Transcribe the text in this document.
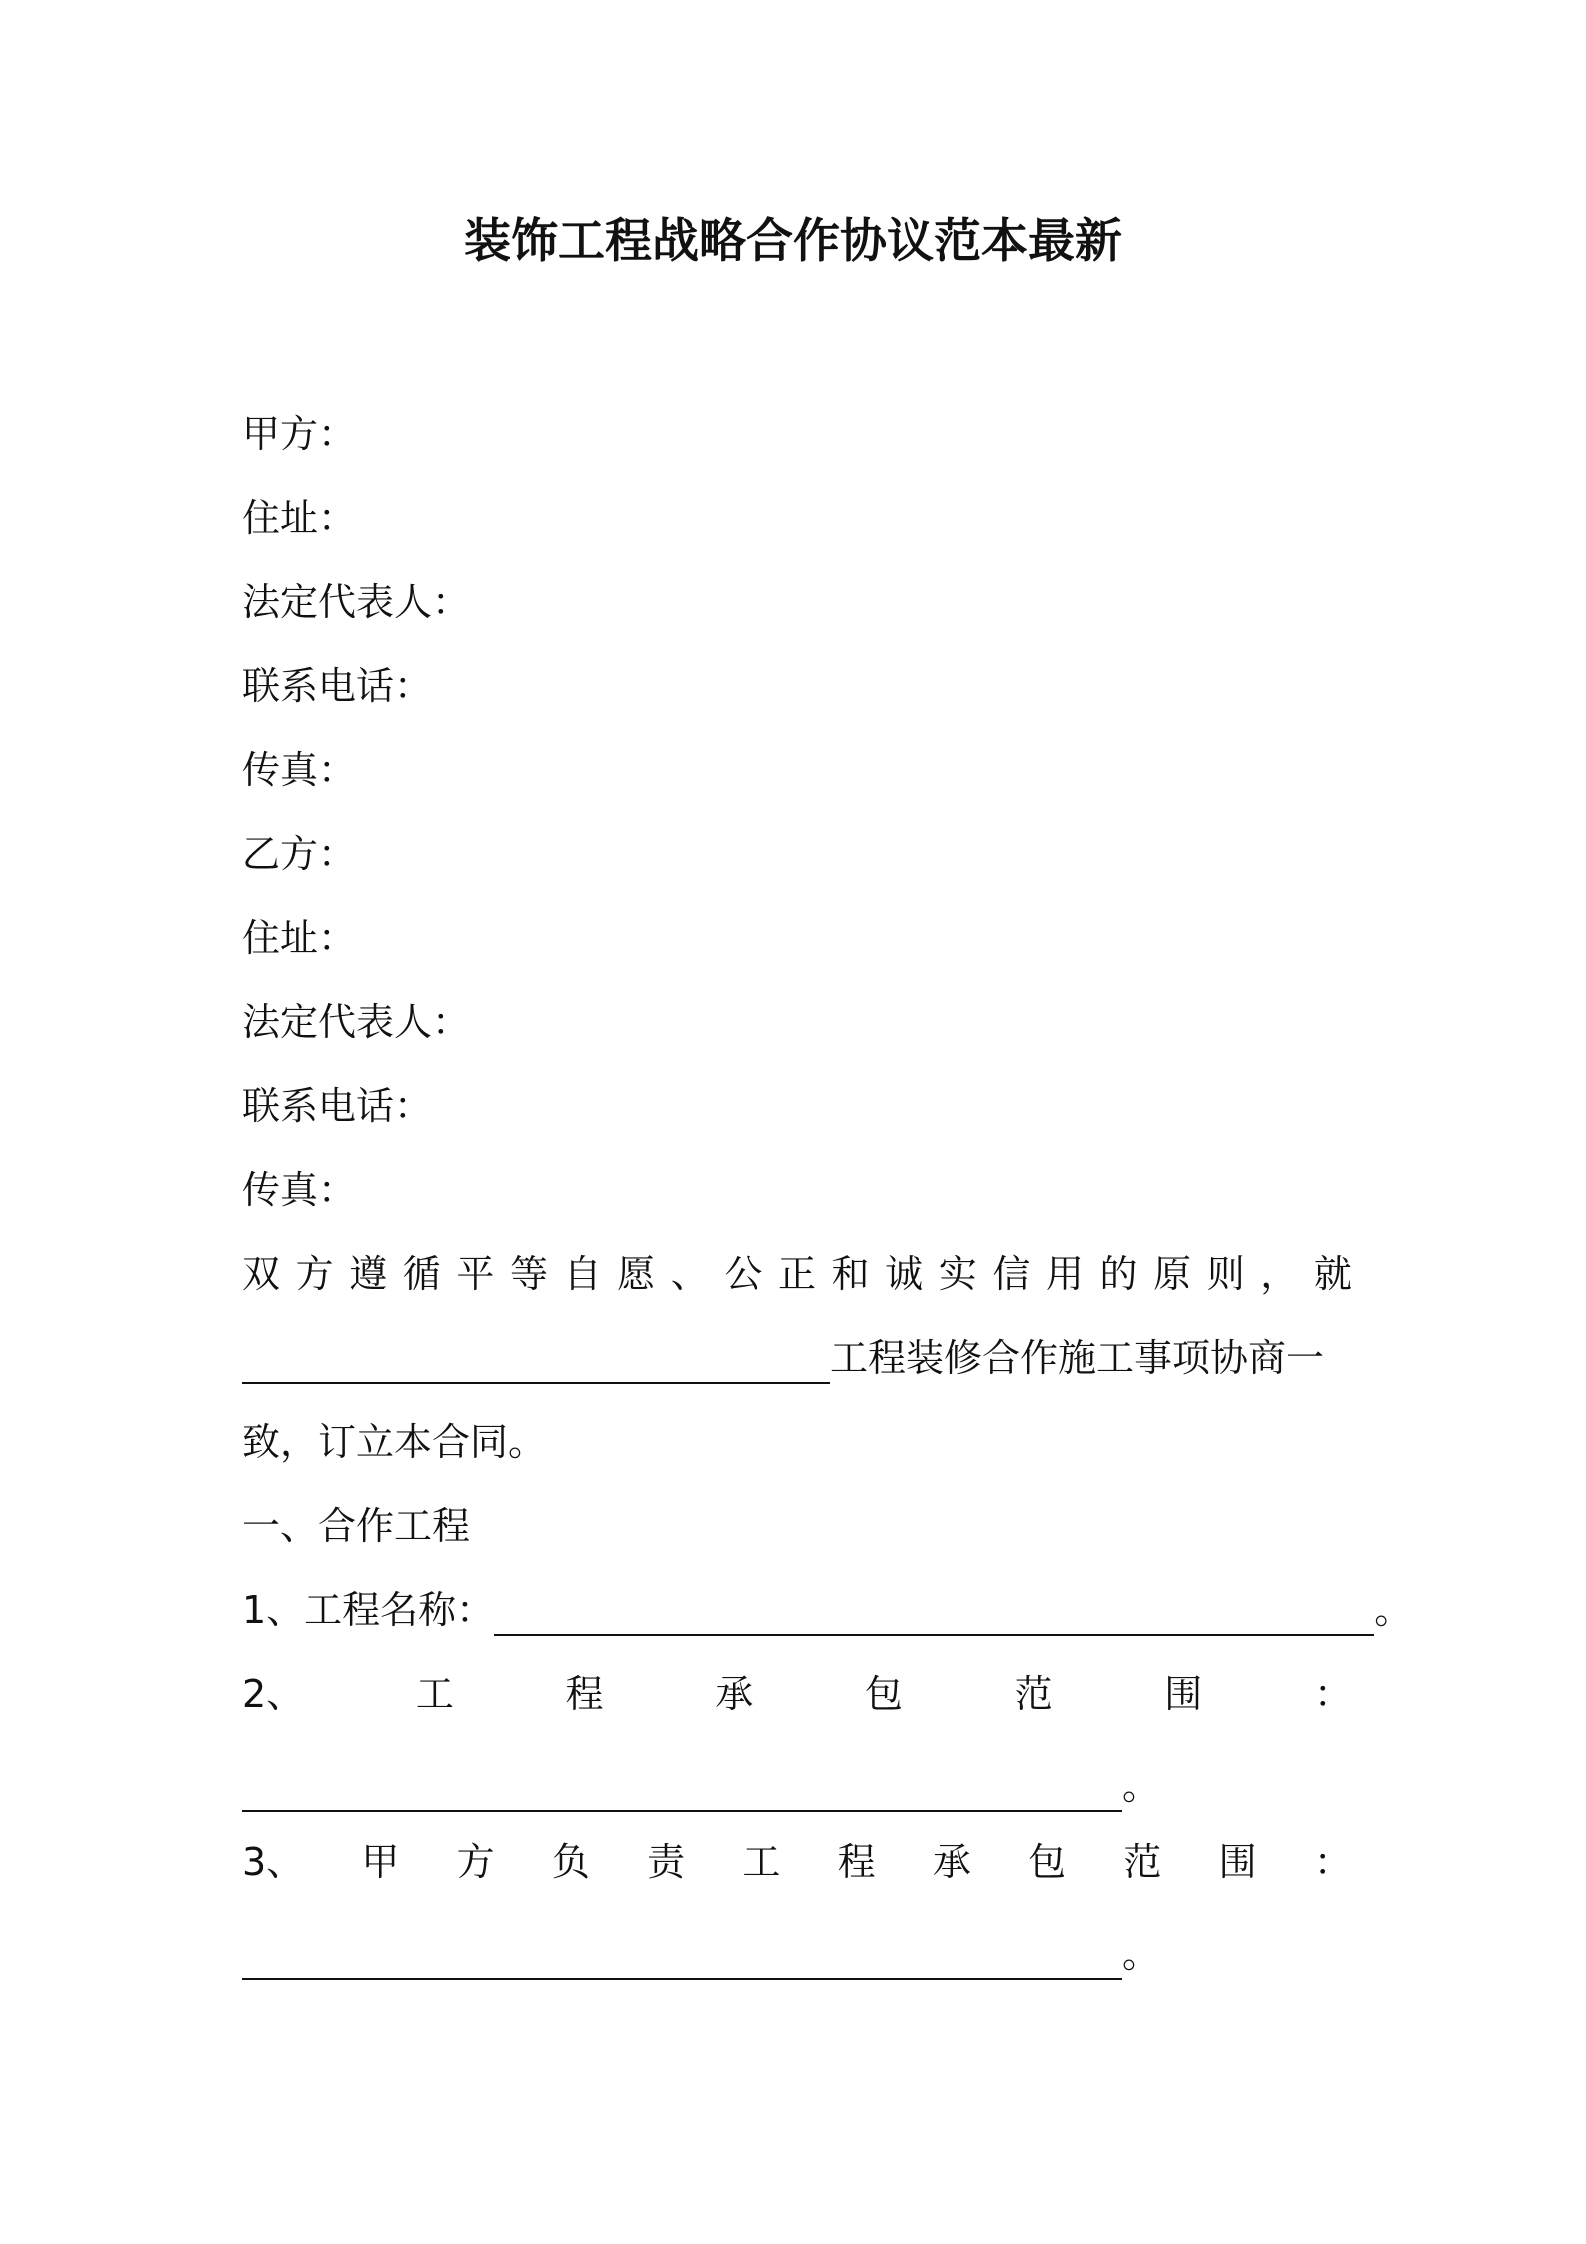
装饰工程战略合作协议范本最新
甲方：
住址：
法定代表人：
联系电话：
传真：
乙方：
住址：
法定代表人：
联系电话：
传真：
双 方 遵 循 平 等 自 愿 、 公 正 和 诚 实 信 用 的 原 则 ， 就
工程装修合作施工事项协商一
致，订立本合同。
一、合作工程
1、工程名称：	。
2、	工	程	承	包	范	围	：
。
3、 甲 方 负 责 工 程 承 包 范 围 ：
。
